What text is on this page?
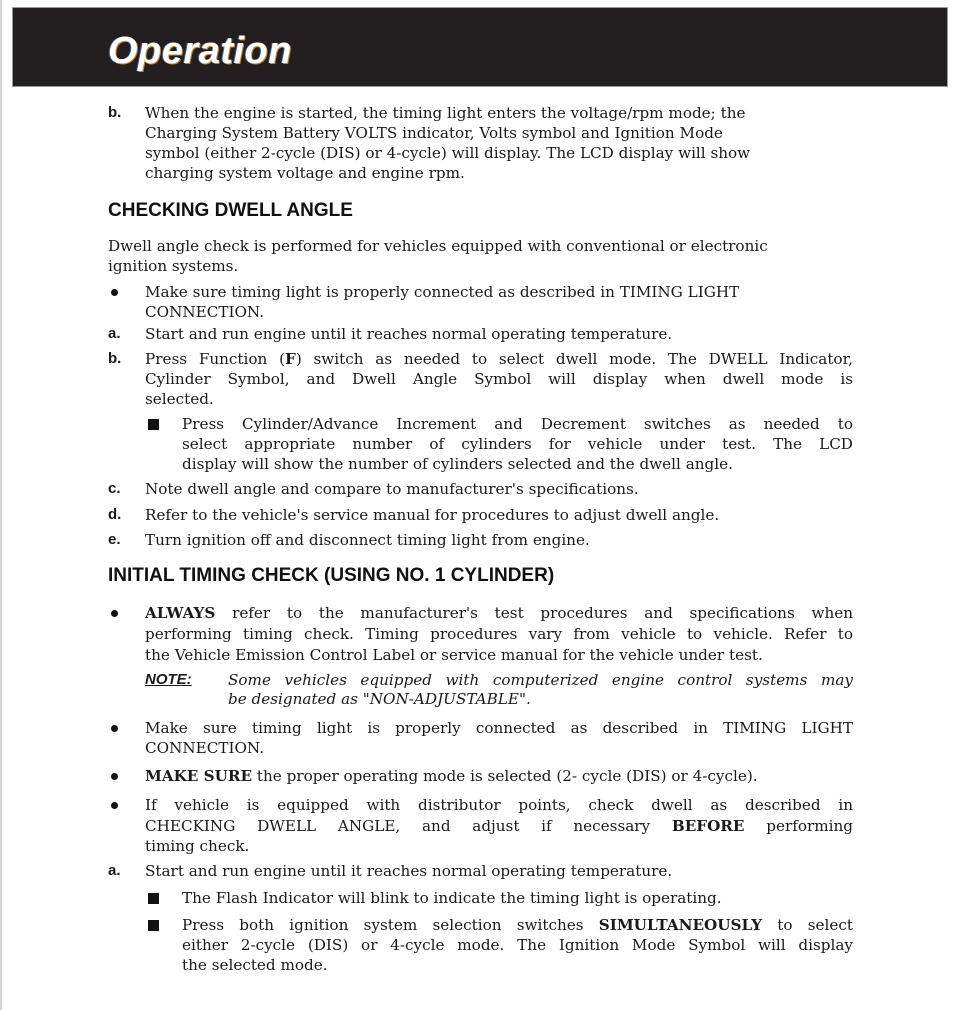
Operation
b. When the engine is started, the timing light enters the voltage/rpm mode; the
Charging System Battery VOLTS indicator, Volts symbol and Ignition Mode
symbol (either 2-cycle (DIS) or 4-cycle) will display. The LCD display will show
charging system voltage and engine rpm.
CHECKING DWELL ANGLE
Dwell angle check is performed for vehicles equipped with conventional or electronic
ignition systems.
Make sure timing light is properly connected as described in TIMING LIGHT
CONNECTION.
a. Start and run engine until it reaches normal operating temperature.
b. Press Function (F) switch as needed to select dwell mode. The DWELL Indicator,
Cylinder Symbol, and Dwell Angle Symbol will display when dwell mode is
selected.
Press Cylinder/Advance Increment and Decrement switches as needed to
select appropriate number of cylinders for vehicle under test. The LCD
display will show the number of cylinders selected and the dwell angle.
c. Note dwell angle and compare to manufacturer's specifications.
d. Refer to the vehicle's service manual for procedures to adjust dwell angle.
e. Turn ignition off and disconnect timing light from engine.
INITIAL TIMING CHECK (USING NO. 1 CYLINDER)
ALWAYS refer to the manufacturer's test procedures and specifications when
performing timing check. Timing procedures vary from vehicle to vehicle. Refer to
the Vehicle Emission Control Label or service manual for the vehicle under test.
NOTE: Some vehicles equipped with computerized engine control systems may
be designated as "NON-ADJUSTABLE".
Make sure timing light is properly connected as described in TIMING LIGHT
CONNECTION.
MAKE SURE the proper operating mode is selected (2- cycle (DIS) or 4-cycle).
If vehicle is equipped with distributor points, check dwell as described in
CHECKING DWELL ANGLE, and adjust if necessary BEFORE performing
timing check.
a. Start and run engine until it reaches normal operating temperature.
The Flash Indicator will blink to indicate the timing light is operating.
Press both ignition system selection switches SIMULTANEOUSLY to select
either 2-cycle (DIS) or 4-cycle mode. The Ignition Mode Symbol will display
the selected mode.
